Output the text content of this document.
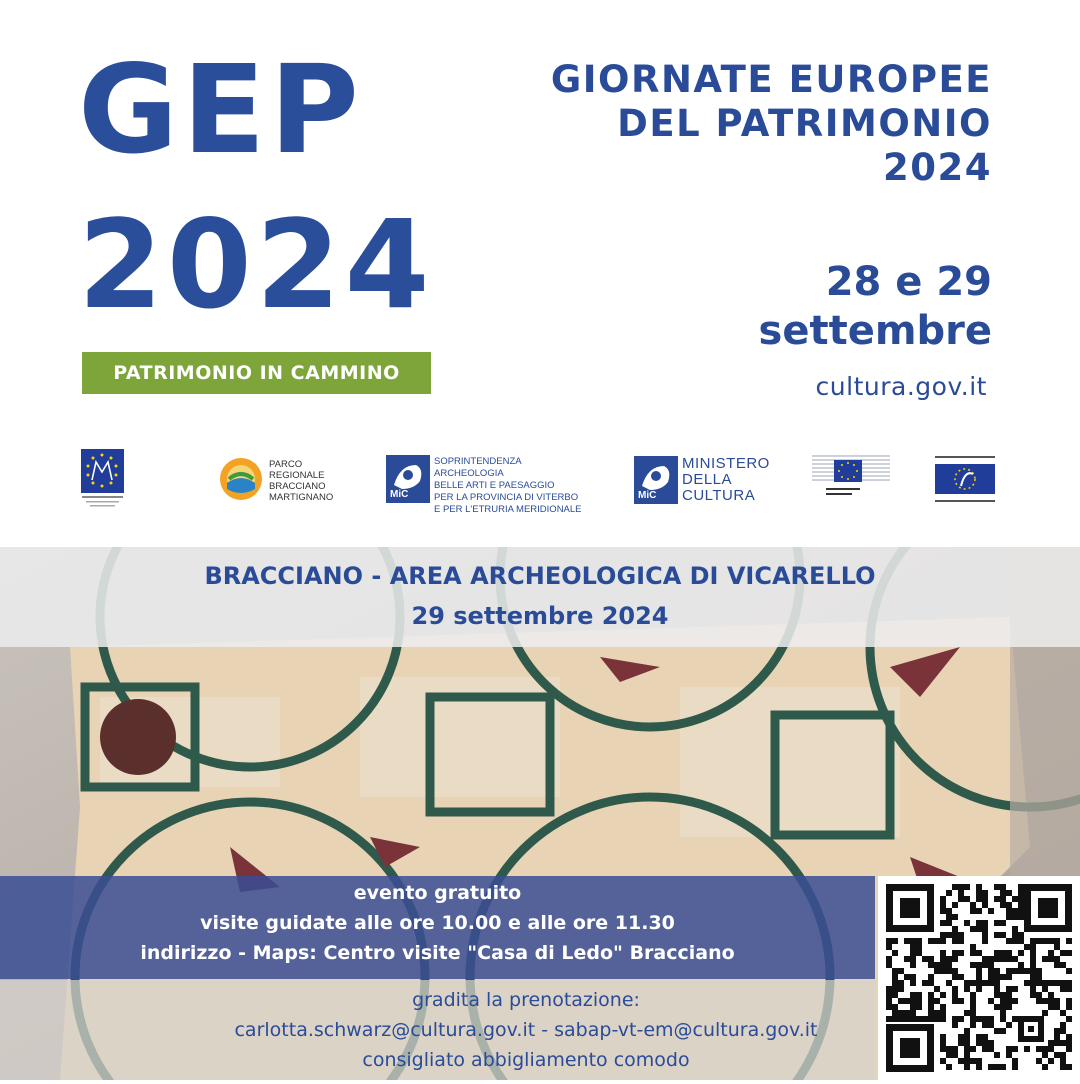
GEP
2024
PATRIMONIO IN CAMMINO
GIORNATE EUROPEE
DEL PATRIMONIO
2024
28 e 29
settembre
cultura.gov.it
PARCO
REGIONALE
BRACCIANO
MARTIGNANO	MiC
SOPRINTENDENZA ARCHEOLOGIA
BELLE ARTI E PAESAGGIO
PER LA PROVINCIA DI VITERBO
E PER L'ETRURIA MERIDIONALE
MiC
MINISTERO
DELLA
CULTURA
BRACCIANO - AREA ARCHEOLOGICA DI VICARELLO
29 settembre 2024
evento gratuito
visite guidate alle ore 10.00 e alle ore 11.30
indirizzo - Maps: Centro visite "Casa di Ledo" Bracciano
gradita la prenotazione:
carlotta.schwarz@cultura.gov.it - sabap-vt-em@cultura.gov.it
consigliato abbigliamento comodo
